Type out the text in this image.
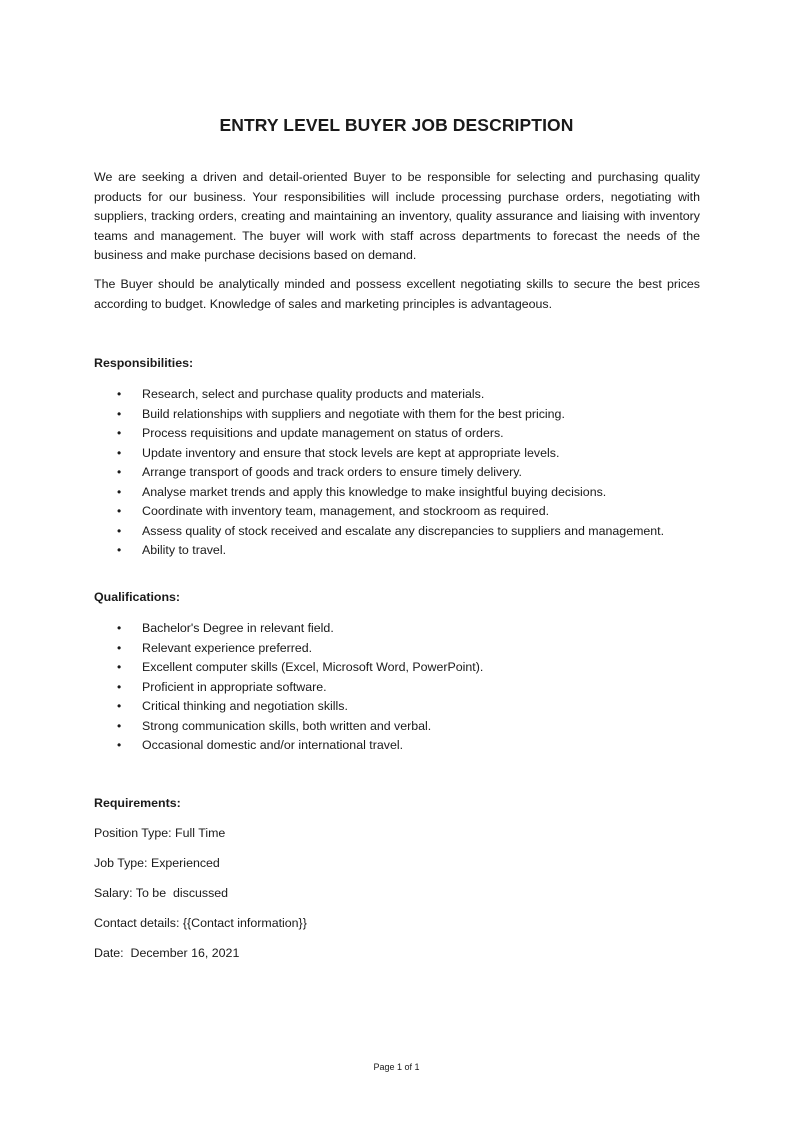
ENTRY LEVEL BUYER JOB DESCRIPTION

We are seeking a driven and detail-oriented Buyer to be responsible for selecting and purchasing quality products for our business. Your responsibilities will include processing purchase orders, negotiating with suppliers, tracking orders, creating and maintaining an inventory, quality assurance and liaising with inventory teams and management. The buyer will work with staff across departments to forecast the needs of the business and make purchase decisions based on demand.

The Buyer should be analytically minded and possess excellent negotiating skills to secure the best prices according to budget. Knowledge of sales and marketing principles is advantageous.

Responsibilities:

• Research, select and purchase quality products and materials.
• Build relationships with suppliers and negotiate with them for the best pricing.
• Process requisitions and update management on status of orders.
• Update inventory and ensure that stock levels are kept at appropriate levels.
• Arrange transport of goods and track orders to ensure timely delivery.
• Analyse market trends and apply this knowledge to make insightful buying decisions.
• Coordinate with inventory team, management, and stockroom as required.
• Assess quality of stock received and escalate any discrepancies to suppliers and management.
• Ability to travel.

Qualifications:

• Bachelor's Degree in relevant field.
• Relevant experience preferred.
• Excellent computer skills (Excel, Microsoft Word, PowerPoint).
• Proficient in appropriate software.
• Critical thinking and negotiation skills.
• Strong communication skills, both written and verbal.
• Occasional domestic and/or international travel.

Requirements:

Position Type: Full Time

Job Type: Experienced

Salary: To be  discussed

Contact details: {{Contact information}}

Date:  December 16, 2021

Page 1 of 1
